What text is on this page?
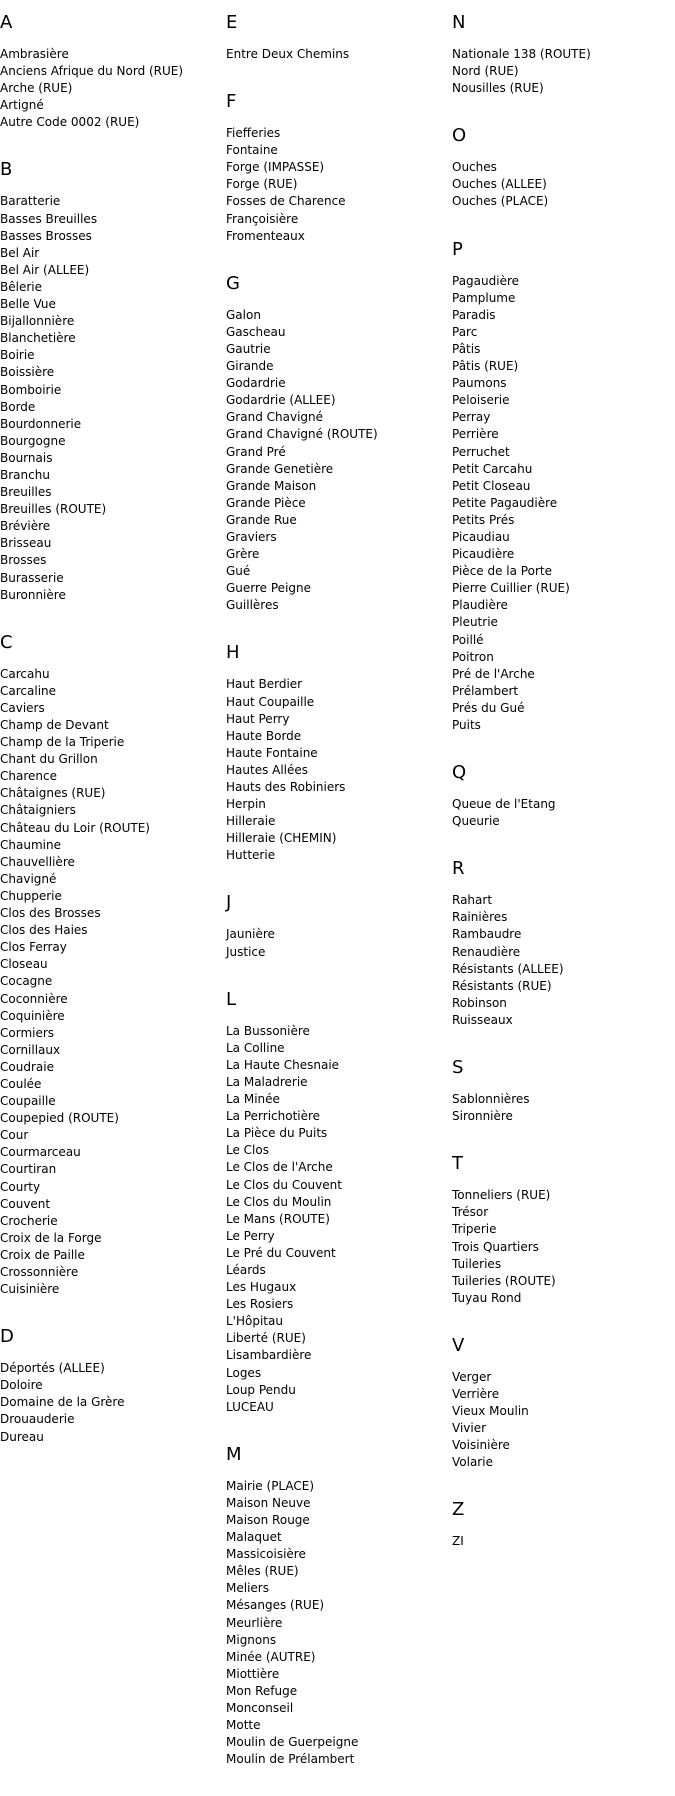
A
Ambrasière
Anciens Afrique du Nord (RUE)
Arche (RUE)
Artigné
Autre Code 0002 (RUE)
B
Baratterie
Basses Breuilles
Basses Brosses
Bel Air
Bel Air (ALLEE)
Bêlerie
Belle Vue
Bijallonnière
Blanchetière
Boirie
Boissière
Bomboirie
Borde
Bourdonnerie
Bourgogne
Bournais
Branchu
Breuilles
Breuilles (ROUTE)
Brévière
Brisseau
Brosses
Burasserie
Buronnière
C
Carcahu
Carcaline
Caviers
Champ de Devant
Champ de la Triperie
Chant du Grillon
Charence
Châtaignes (RUE)
Châtaigniers
Château du Loir (ROUTE)
Chaumine
Chauvellière
Chavigné
Chupperie
Clos des Brosses
Clos des Haies
Clos Ferray
Closeau
Cocagne
Coconnière
Coquinière
Cormiers
Cornillaux
Coudraie
Coulée
Coupaille
Coupepied (ROUTE)
Cour
Courmarceau
Courtiran
Courty
Couvent
Crocherie
Croix de la Forge
Croix de Paille
Crossonnière
Cuisinière
D
Déportés (ALLEE)
Doloire
Domaine de la Grère
Drouauderie
Dureau
E
Entre Deux Chemins
F
Fiefferies
Fontaine
Forge (IMPASSE)
Forge (RUE)
Fosses de Charence
Françoisière
Fromenteaux
G
Galon
Gascheau
Gautrie
Girande
Godardrie
Godardrie (ALLEE)
Grand Chavigné
Grand Chavigné (ROUTE)
Grand Pré
Grande Genetière
Grande Maison
Grande Pièce
Grande Rue
Graviers
Grère
Gué
Guerre Peigne
Guillères
H
Haut Berdier
Haut Coupaille
Haut Perry
Haute Borde
Haute Fontaine
Hautes Allées
Hauts des Robiniers
Herpin
Hilleraie
Hilleraie (CHEMIN)
Hutterie
J
Jaunière
Justice
L
La Bussonière
La Colline
La Haute Chesnaie
La Maladrerie
La Minée
La Perrichotière
La Pièce du Puits
Le Clos
Le Clos de l'Arche
Le Clos du Couvent
Le Clos du Moulin
Le Mans (ROUTE)
Le Perry
Le Pré du Couvent
Léards
Les Hugaux
Les Rosiers
L'Hôpitau
Liberté (RUE)
Lisambardière
Loges
Loup Pendu
LUCEAU
M
Mairie (PLACE)
Maison Neuve
Maison Rouge
Malaquet
Massicoisière
Mêles (RUE)
Meliers
Mésanges (RUE)
Meurlière
Mignons
Minée (AUTRE)
Miottière
Mon Refuge
Monconseil
Motte
Moulin de Guerpeigne
Moulin de Prélambert
N
Nationale 138 (ROUTE)
Nord (RUE)
Nousilles (RUE)
O
Ouches
Ouches (ALLEE)
Ouches (PLACE)
P
Pagaudière
Pamplume
Paradis
Parc
Pâtis
Pâtis (RUE)
Paumons
Peloiserie
Perray
Perrière
Perruchet
Petit Carcahu
Petit Closeau
Petite Pagaudière
Petits Prés
Picaudiau
Picaudière
Pièce de la Porte
Pierre Cuillier (RUE)
Plaudière
Pleutrie
Poillé
Poitron
Pré de l'Arche
Prélambert
Prés du Gué
Puits
Q
Queue de l'Etang
Queurie
R
Rahart
Rainières
Rambaudre
Renaudière
Résistants (ALLEE)
Résistants (RUE)
Robinson
Ruisseaux
S
Sablonnières
Sironnière
T
Tonneliers (RUE)
Trésor
Triperie
Trois Quartiers
Tuileries
Tuileries (ROUTE)
Tuyau Rond
V
Verger
Verrière
Vieux Moulin
Vivier
Voisinière
Volarie
Z
ZI
